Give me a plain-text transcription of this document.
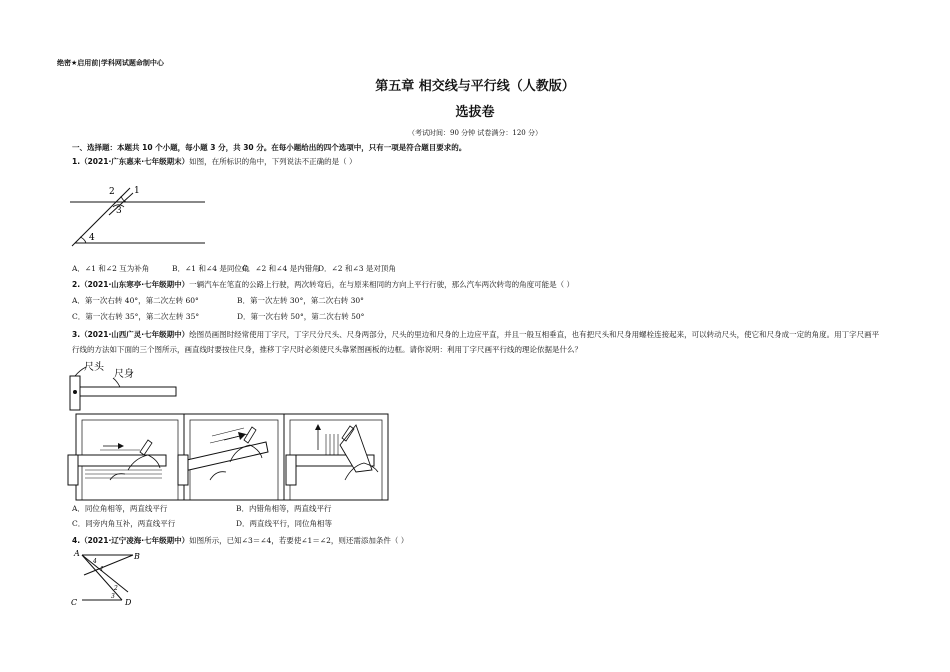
绝密★启用前|学科网试题命制中心
第五章 相交线与平行线（人教版）
选拔卷
（考试时间：90 分钟 试卷满分：120 分）
一、选择题：本题共 10 个小题，每小题 3 分，共 30 分。在每小题给出的四个选项中，只有一项是符合题目要求的。
1.（2021·广东惠来·七年级期末）如图，在所标识的角中，下列说法不正确的是（ ）
1
2
3
4
A．∠1 和∠2 互为补角	B．∠1 和∠4 是同位角
C．∠2 和∠4 是内错角
D．∠2 和∠3 是对顶角
2.（2021·山东寒亭·七年级期中）一辆汽车在笔直的公路上行驶，两次转弯后，在与原来相同的方向上平行行驶，那么汽车两次转弯的角度可能是（ ）
A．第一次右转 40°，第二次左转 60°	B．第一次左转 30°，第二次右转 30°
C．第一次右转 35°，第二次左转 35°	D．第一次右转 50°，第二次右转 50°
3.（2021·山西广灵·七年级期中）绘图员画图时经常使用丁字尺，丁字尺分尺头、尺身两部分，尺头的里边和尺身的上边应平直，并且一般互相垂直，也有把尺头和尺身用螺栓连接起来，可以转动尺头，使它和尺身成一定的角度。用丁字尺画平行线的方法如下面的三个图所示，画直线时要按住尺身，推移丁字尺时必须使尺头靠紧图画板的边框。请你说明：利用丁字尺画平行线的理论依据是什么？
尺头
尺身
A．同位角相等，两直线平行	B．内错角相等，两直线平行
C．同旁内角互补，两直线平行	D．两直线平行，同位角相等
4.（2021·辽宁凌海·七年级期中）如图所示，已知∠3＝∠4，若要使∠1＝∠2，则还需添加条件（ ）
A	B
C	D
1
2
3
4
